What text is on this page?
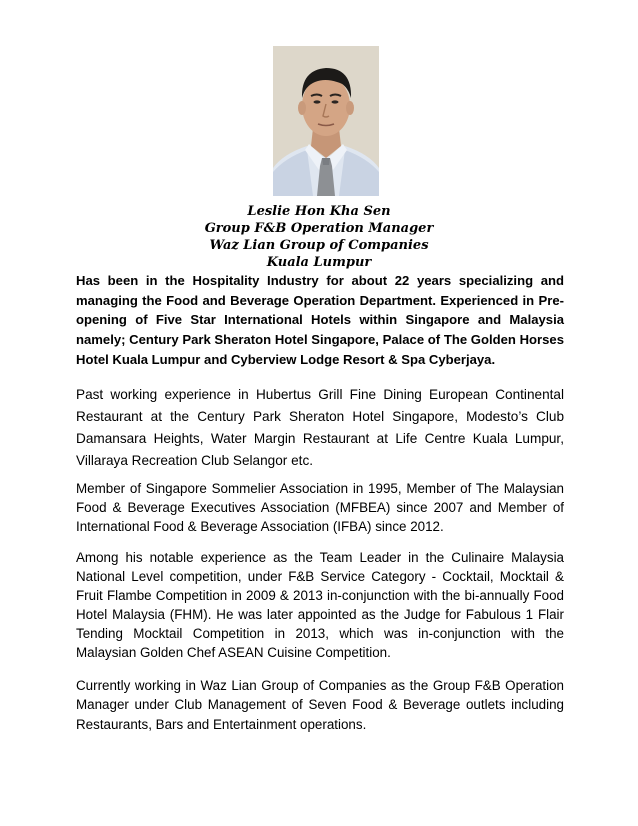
Leslie Hon Kha Sen
Group F&B Operation Manager
Waz Lian Group of Companies
Kuala Lumpur

Has been in the Hospitality Industry for about 22 years specializing and managing the Food and Beverage Operation Department. Experienced in Pre-opening of Five Star International Hotels within Singapore and Malaysia namely; Century Park Sheraton Hotel Singapore, Palace of The Golden Horses Hotel Kuala Lumpur and Cyberview Lodge Resort & Spa Cyberjaya.

Past working experience in Hubertus Grill Fine Dining European Continental Restaurant at the Century Park Sheraton Hotel Singapore, Modesto’s Club Damansara Heights, Water Margin Restaurant at Life Centre Kuala Lumpur, Villaraya Recreation Club Selangor etc.

Member of Singapore Sommelier Association in 1995, Member of The Malaysian Food & Beverage Executives Association (MFBEA) since 2007 and Member of International Food & Beverage Association (IFBA) since 2012.

Among his notable experience as the Team Leader in the Culinaire Malaysia National Level competition, under F&B Service Category - Cocktail, Mocktail & Fruit Flambe Competition in 2009 & 2013 in-conjunction with the bi-annually Food Hotel Malaysia (FHM). He was later appointed as the Judge for Fabulous 1 Flair Tending Mocktail Competition in 2013, which was in-conjunction with the Malaysian Golden Chef ASEAN Cuisine Competition.

Currently working in Waz Lian Group of Companies as the Group F&B Operation Manager under Club Management of Seven Food & Beverage outlets including Restaurants, Bars and Entertainment operations.
